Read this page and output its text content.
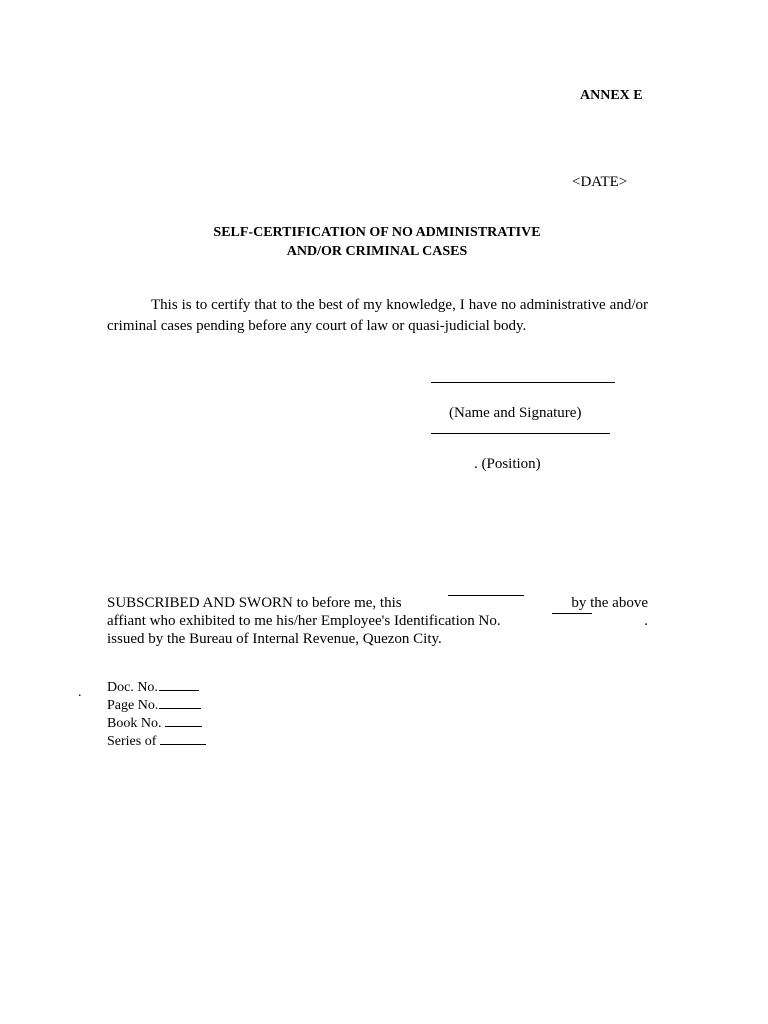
ANNEX E
<DATE>
SELF-CERTIFICATION OF NO ADMINISTRATIVE
AND/OR CRIMINAL CASES
This is to certify that to the best of my knowledge, I have no administrative and/or criminal cases pending before any court of law or quasi-judicial body.
(Name and Signature)
. (Position)
SUBSCRIBED AND SWORN to before me, this	by the above
affiant who exhibited to me his/her Employee's Identification No.	.
issued by the Bureau of Internal Revenue, Quezon City.
. Doc. No.
Page No.
Book No.
Series of
